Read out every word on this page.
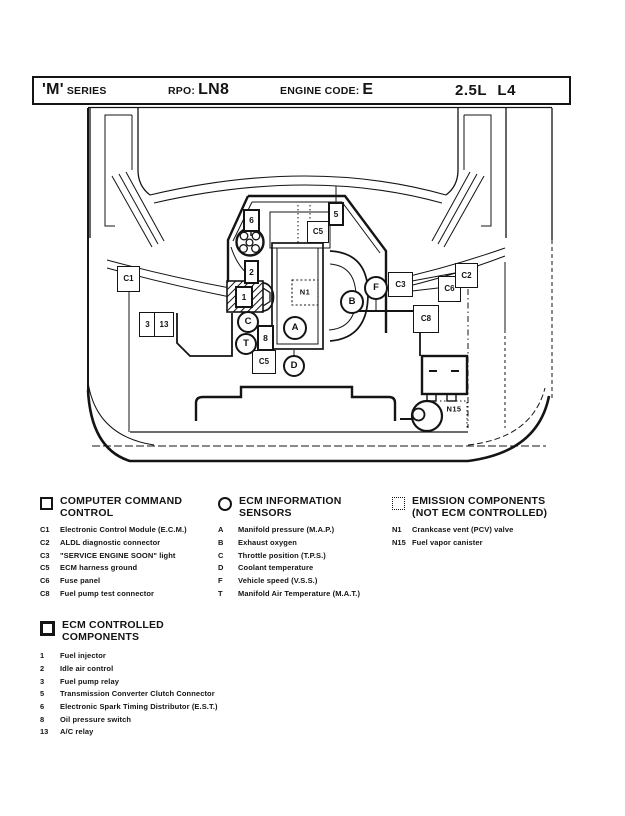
'M' SERIES	RPO: LN8	ENGINE CODE: E	2.5L L4
6
5
C5
2
1
8
C5
C1
3	13
C3	C6
C2
C8
C
T
A
D
B
F
N1
N15
COMPUTER COMMAND
CONTROL
C1	Electronic Control Module (E.C.M.)
C2	ALDL diagnostic connector
C3	"SERVICE ENGINE SOON" light
C5	ECM harness ground
C6	Fuse panel
C8	Fuel pump test connector
ECM INFORMATION
SENSORS
A	Manifold pressure (M.A.P.)
B	Exhaust oxygen
C	Throttle position (T.P.S.)
D	Coolant temperature
F	Vehicle speed (V.S.S.)
T	Manifold Air Temperature (M.A.T.)
EMISSION COMPONENTS
(NOT ECM CONTROLLED)
N1	Crankcase vent (PCV) valve
N15 Fuel vapor canister
ECM CONTROLLED
COMPONENTS
1	Fuel injector
2	Idle air control
3	Fuel pump relay
5	Transmission Converter Clutch Connector
6	Electronic Spark Timing Distributor (E.S.T.)
8	Oil pressure switch
13	A/C relay
